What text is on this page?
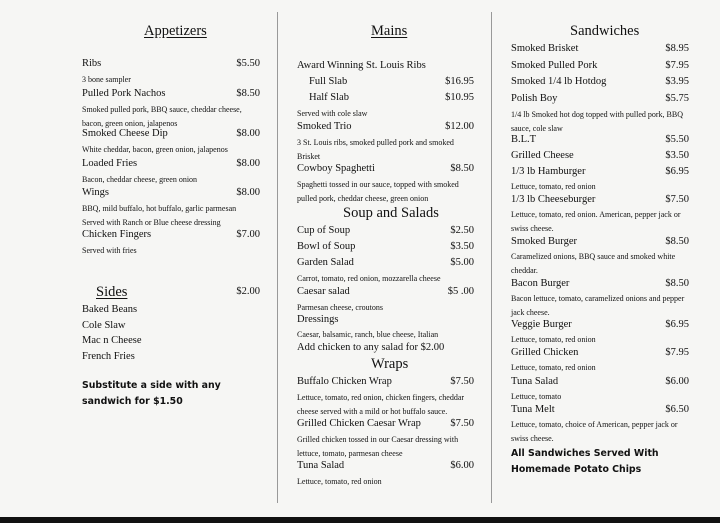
Appetizers
Ribs	$5.50
3 bone sampler
Pulled Pork Nachos	$8.50
Smoked pulled pork, BBQ sauce, cheddar cheese, bacon, green onion, jalapenos
Smoked Cheese Dip	$8.00
White cheddar, bacon, green onion, jalapenos
Loaded Fries	$8.00
Bacon, cheddar cheese, green onion
Wings	$8.00
BBQ, mild buffalo, hot buffalo, garlic parmesan Served with Ranch or Blue cheese dressing
Chicken Fingers	$7.00
Served with fries
Sides	$2.00
Baked Beans
Cole Slaw
Mac n Cheese
French Fries
Substitute a side with any sandwich for $1.50
Mains
Award Winning St. Louis Ribs
Full Slab	$16.95
Half Slab	$10.95
Served with cole slaw
Smoked Trio	$12.00
3 St. Louis ribs, smoked pulled pork and smoked Brisket
Cowboy Spaghetti	$8.50
Spaghetti tossed in our sauce, topped with smoked pulled pork, cheddar cheese, green onion
Soup and Salads
Cup of Soup	$2.50
Bowl of Soup	$3.50
Garden Salad	$5.00
Carrot, tomato, red onion, mozzarella cheese
Caesar salad	$5 .00
Parmesan cheese, croutons
Dressings
Caesar, balsamic, ranch, blue cheese, Italian
Add chicken to any salad for $2.00
Wraps
Buffalo Chicken Wrap	$7.50
Lettuce, tomato, red onion, chicken fingers, cheddar cheese served with a mild or hot buffalo sauce.
Grilled Chicken Caesar Wrap	$7.50
Grilled chicken tossed in our Caesar dressing with lettuce, tomato, parmesan cheese
Tuna Salad	$6.00
Lettuce, tomato, red onion
Sandwiches
Smoked Brisket	$8.95
Smoked Pulled Pork	$7.95
Smoked 1/4 lb Hotdog	$3.95
Polish Boy	$5.75
1/4 lb Smoked hot dog topped with pulled pork, BBQ sauce, cole slaw
B.L.T	$5.50
Grilled Cheese	$3.50
1/3 lb Hamburger	$6.95
Lettuce, tomato, red onion
1/3 lb Cheeseburger	$7.50
Lettuce, tomato, red onion. American, pepper jack or swiss cheese.
Smoked Burger	$8.50
Caramelized onions, BBQ sauce and smoked white cheddar.
Bacon Burger	$8.50
Bacon lettuce, tomato, caramelized onions and pepper jack cheese.
Veggie Burger	$6.95
Lettuce, tomato, red onion
Grilled Chicken	$7.95
Lettuce, tomato, red onion
Tuna Salad	$6.00
Lettuce, tomato
Tuna Melt	$6.50
Lettuce, tomato, choice of American, pepper jack or swiss cheese.
All Sandwiches Served With Homemade Potato Chips
